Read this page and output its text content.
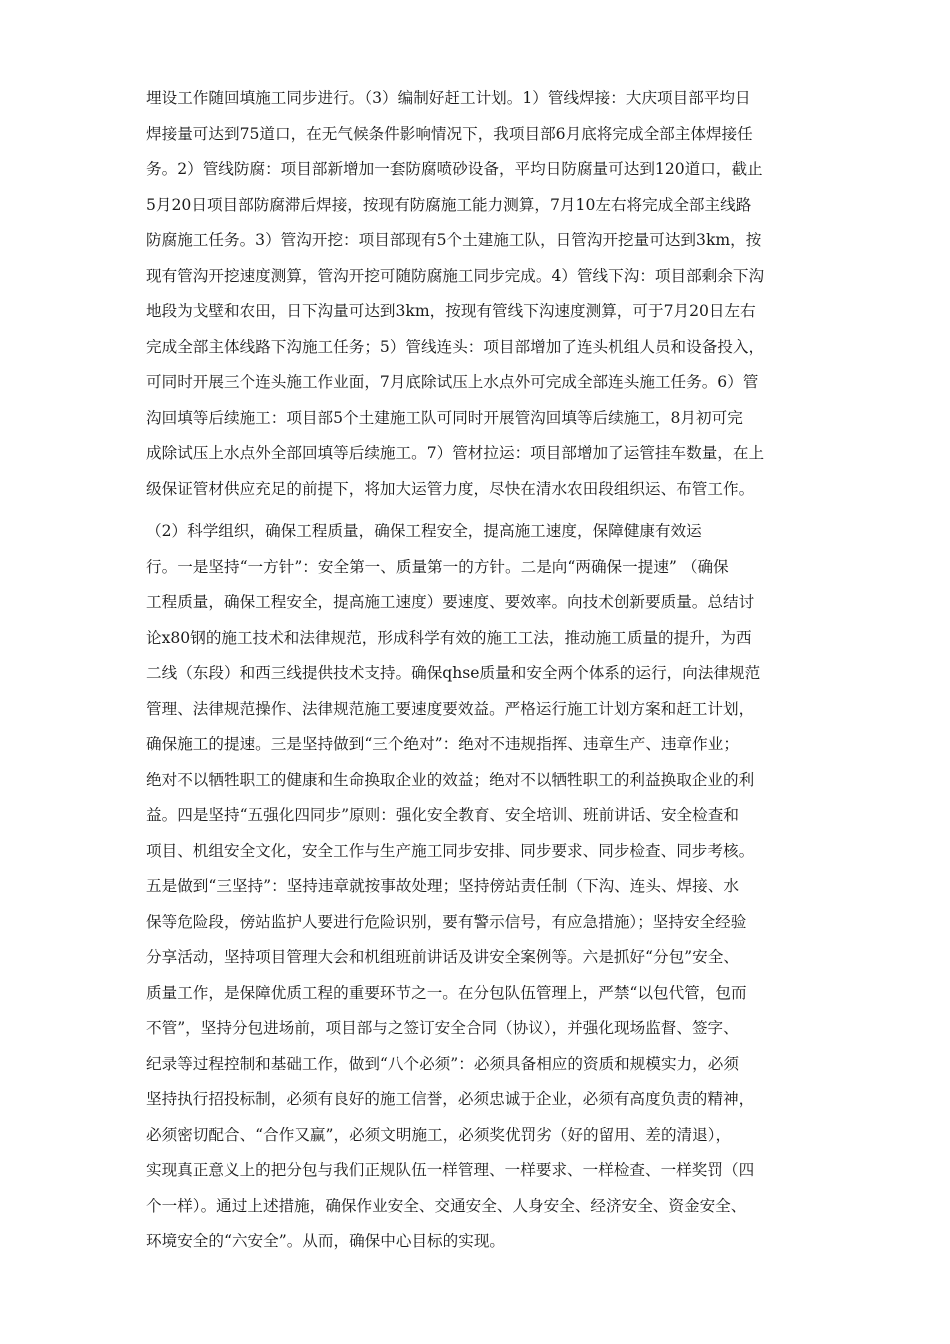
埋设工作随回填施工同步进行。（3）编制好赶工计划。1）管线焊接：大庆项目部平均日
焊接量可达到75道口，在无气候条件影响情况下，我项目部6月底将完成全部主体焊接任
务。2）管线防腐：项目部新增加一套防腐喷砂设备，平均日防腐量可达到120道口，截止
5月20日项目部防腐滞后焊接，按现有防腐施工能力测算，7月10左右将完成全部主线路
防腐施工任务。3）管沟开挖：项目部现有5个土建施工队，日管沟开挖量可达到3km，按
现有管沟开挖速度测算，管沟开挖可随防腐施工同步完成。4）管线下沟：项目部剩余下沟
地段为戈壁和农田，日下沟量可达到3km，按现有管线下沟速度测算，可于7月20日左右
完成全部主体线路下沟施工任务；5）管线连头：项目部增加了连头机组人员和设备投入，
可同时开展三个连头施工作业面，7月底除试压上水点外可完成全部连头施工任务。6）管
沟回填等后续施工：项目部5个土建施工队可同时开展管沟回填等后续施工，8月初可完
成除试压上水点外全部回填等后续施工。7）管材拉运：项目部增加了运管挂车数量，在上
级保证管材供应充足的前提下，将加大运管力度，尽快在清水农田段组织运、布管工作。
（2）科学组织，确保工程质量，确保工程安全，提高施工速度，保障健康有效运
行。一是坚持“一方针”：安全第一、质量第一的方针。二是向“两确保一提速” （确保
工程质量，确保工程安全，提高施工速度）要速度、要效率。向技术创新要质量。总结讨
论x80钢的施工技术和法律规范，形成科学有效的施工工法，推动施工质量的提升，为西
二线（东段）和西三线提供技术支持。确保qhse质量和安全两个体系的运行，向法律规范
管理、法律规范操作、法律规范施工要速度要效益。严格运行施工计划方案和赶工计划，
确保施工的提速。三是坚持做到“三个绝对”：绝对不违规指挥、违章生产、违章作业；
绝对不以牺牲职工的健康和生命换取企业的效益；绝对不以牺牲职工的利益换取企业的利
益。四是坚持“五强化四同步”原则：强化安全教育、安全培训、班前讲话、安全检查和
项目、机组安全文化，安全工作与生产施工同步安排、同步要求、同步检查、同步考核。
五是做到“三坚持”：坚持违章就按事故处理；坚持傍站责任制（下沟、连头、焊接、水
保等危险段，傍站监护人要进行危险识别，要有警示信号，有应急措施）；坚持安全经验
分享活动，坚持项目管理大会和机组班前讲话及讲安全案例等。六是抓好“分包”安全、
质量工作，是保障优质工程的重要环节之一。在分包队伍管理上，严禁“以包代管，包而
不管”，坚持分包进场前，项目部与之签订安全合同（协议），并强化现场监督、签字、
纪录等过程控制和基础工作，做到“八个必须”：必须具备相应的资质和规模实力，必须
坚持执行招投标制，必须有良好的施工信誉，必须忠诚于企业，必须有高度负责的精神，
必须密切配合、“合作又赢”，必须文明施工，必须奖优罚劣（好的留用、差的清退），
实现真正意义上的把分包与我们正规队伍一样管理、一样要求、一样检查、一样奖罚（四
个一样）。通过上述措施，确保作业安全、交通安全、人身安全、经济安全、资金安全、
环境安全的“六安全”。从而，确保中心目标的实现。
